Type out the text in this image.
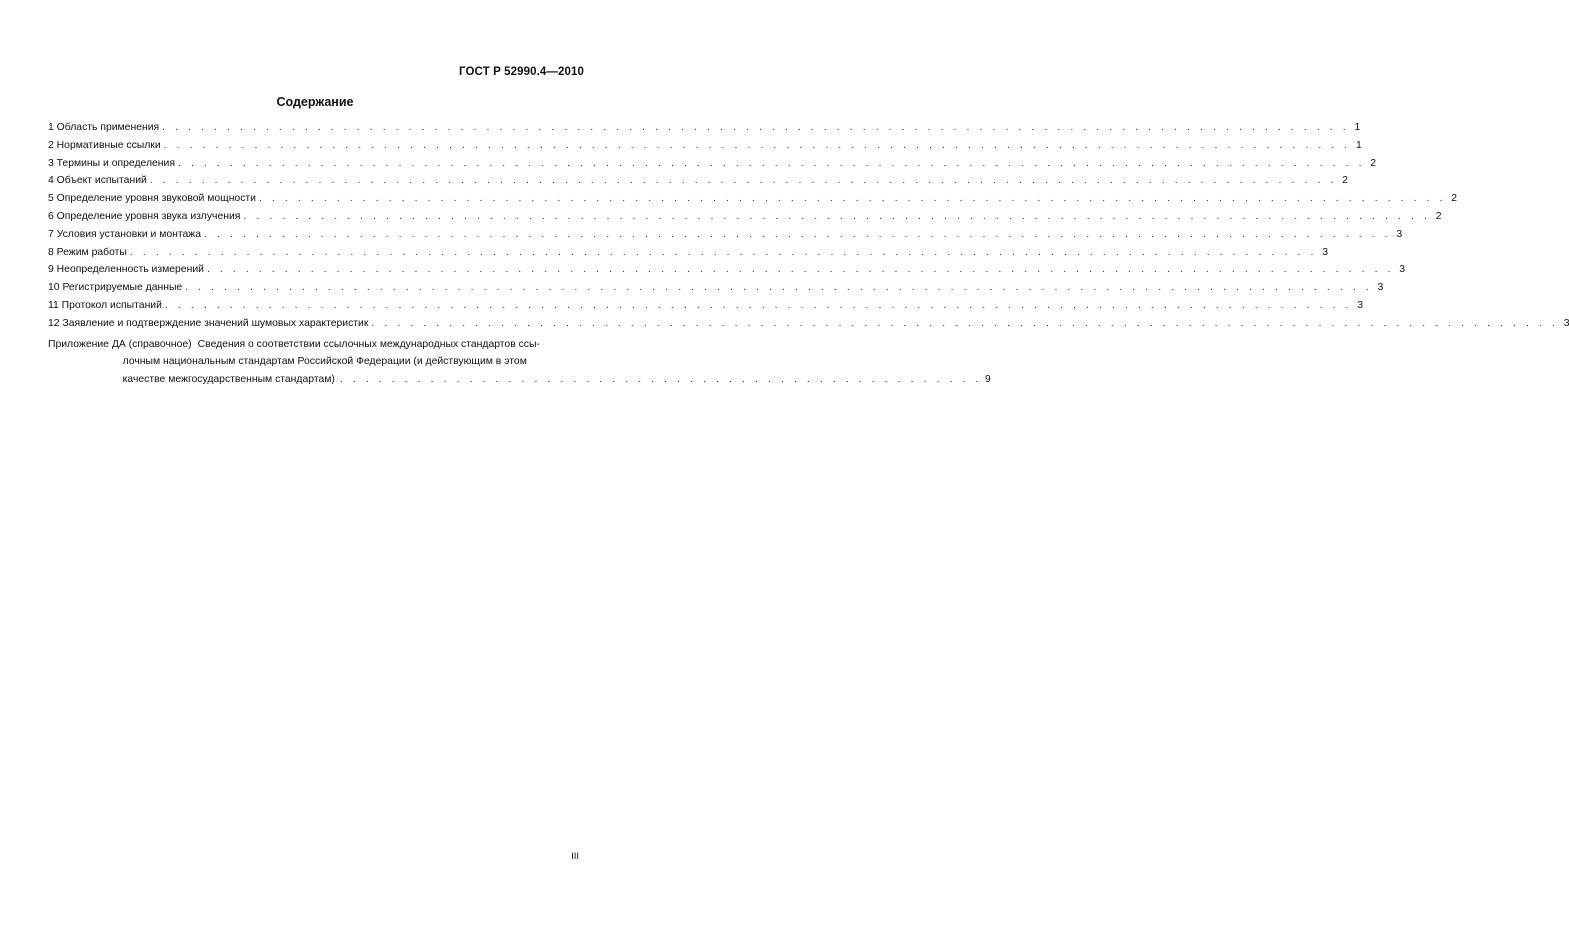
ГОСТ Р 52990.4—2010
Содержание
1 Область применения . . .	1
2 Нормативные ссылки . . .	1
3 Термины и определения . . .	2
4 Объект испытаний . . .	2
5 Определение уровня звуковой мощности . . .	2
6 Определение уровня звука излучения . . .	2
7 Условия установки и монтажа . . .	3
8 Режим работы . . .	3
9 Неопределенность измерений . . .	3
10 Регистрируемые данные . . .	3
11 Протокол испытаний . . .	3
12 Заявление и подтверждение значений шумовых характеристик . . .	3
Приложение ДА (справочное) Сведения о соответствии ссылочных международных стандартов ссы-
лочным национальным стандартам Российской Федерации (и действующим в этом
качестве межгосударственным стандартам) . . .	9
III
